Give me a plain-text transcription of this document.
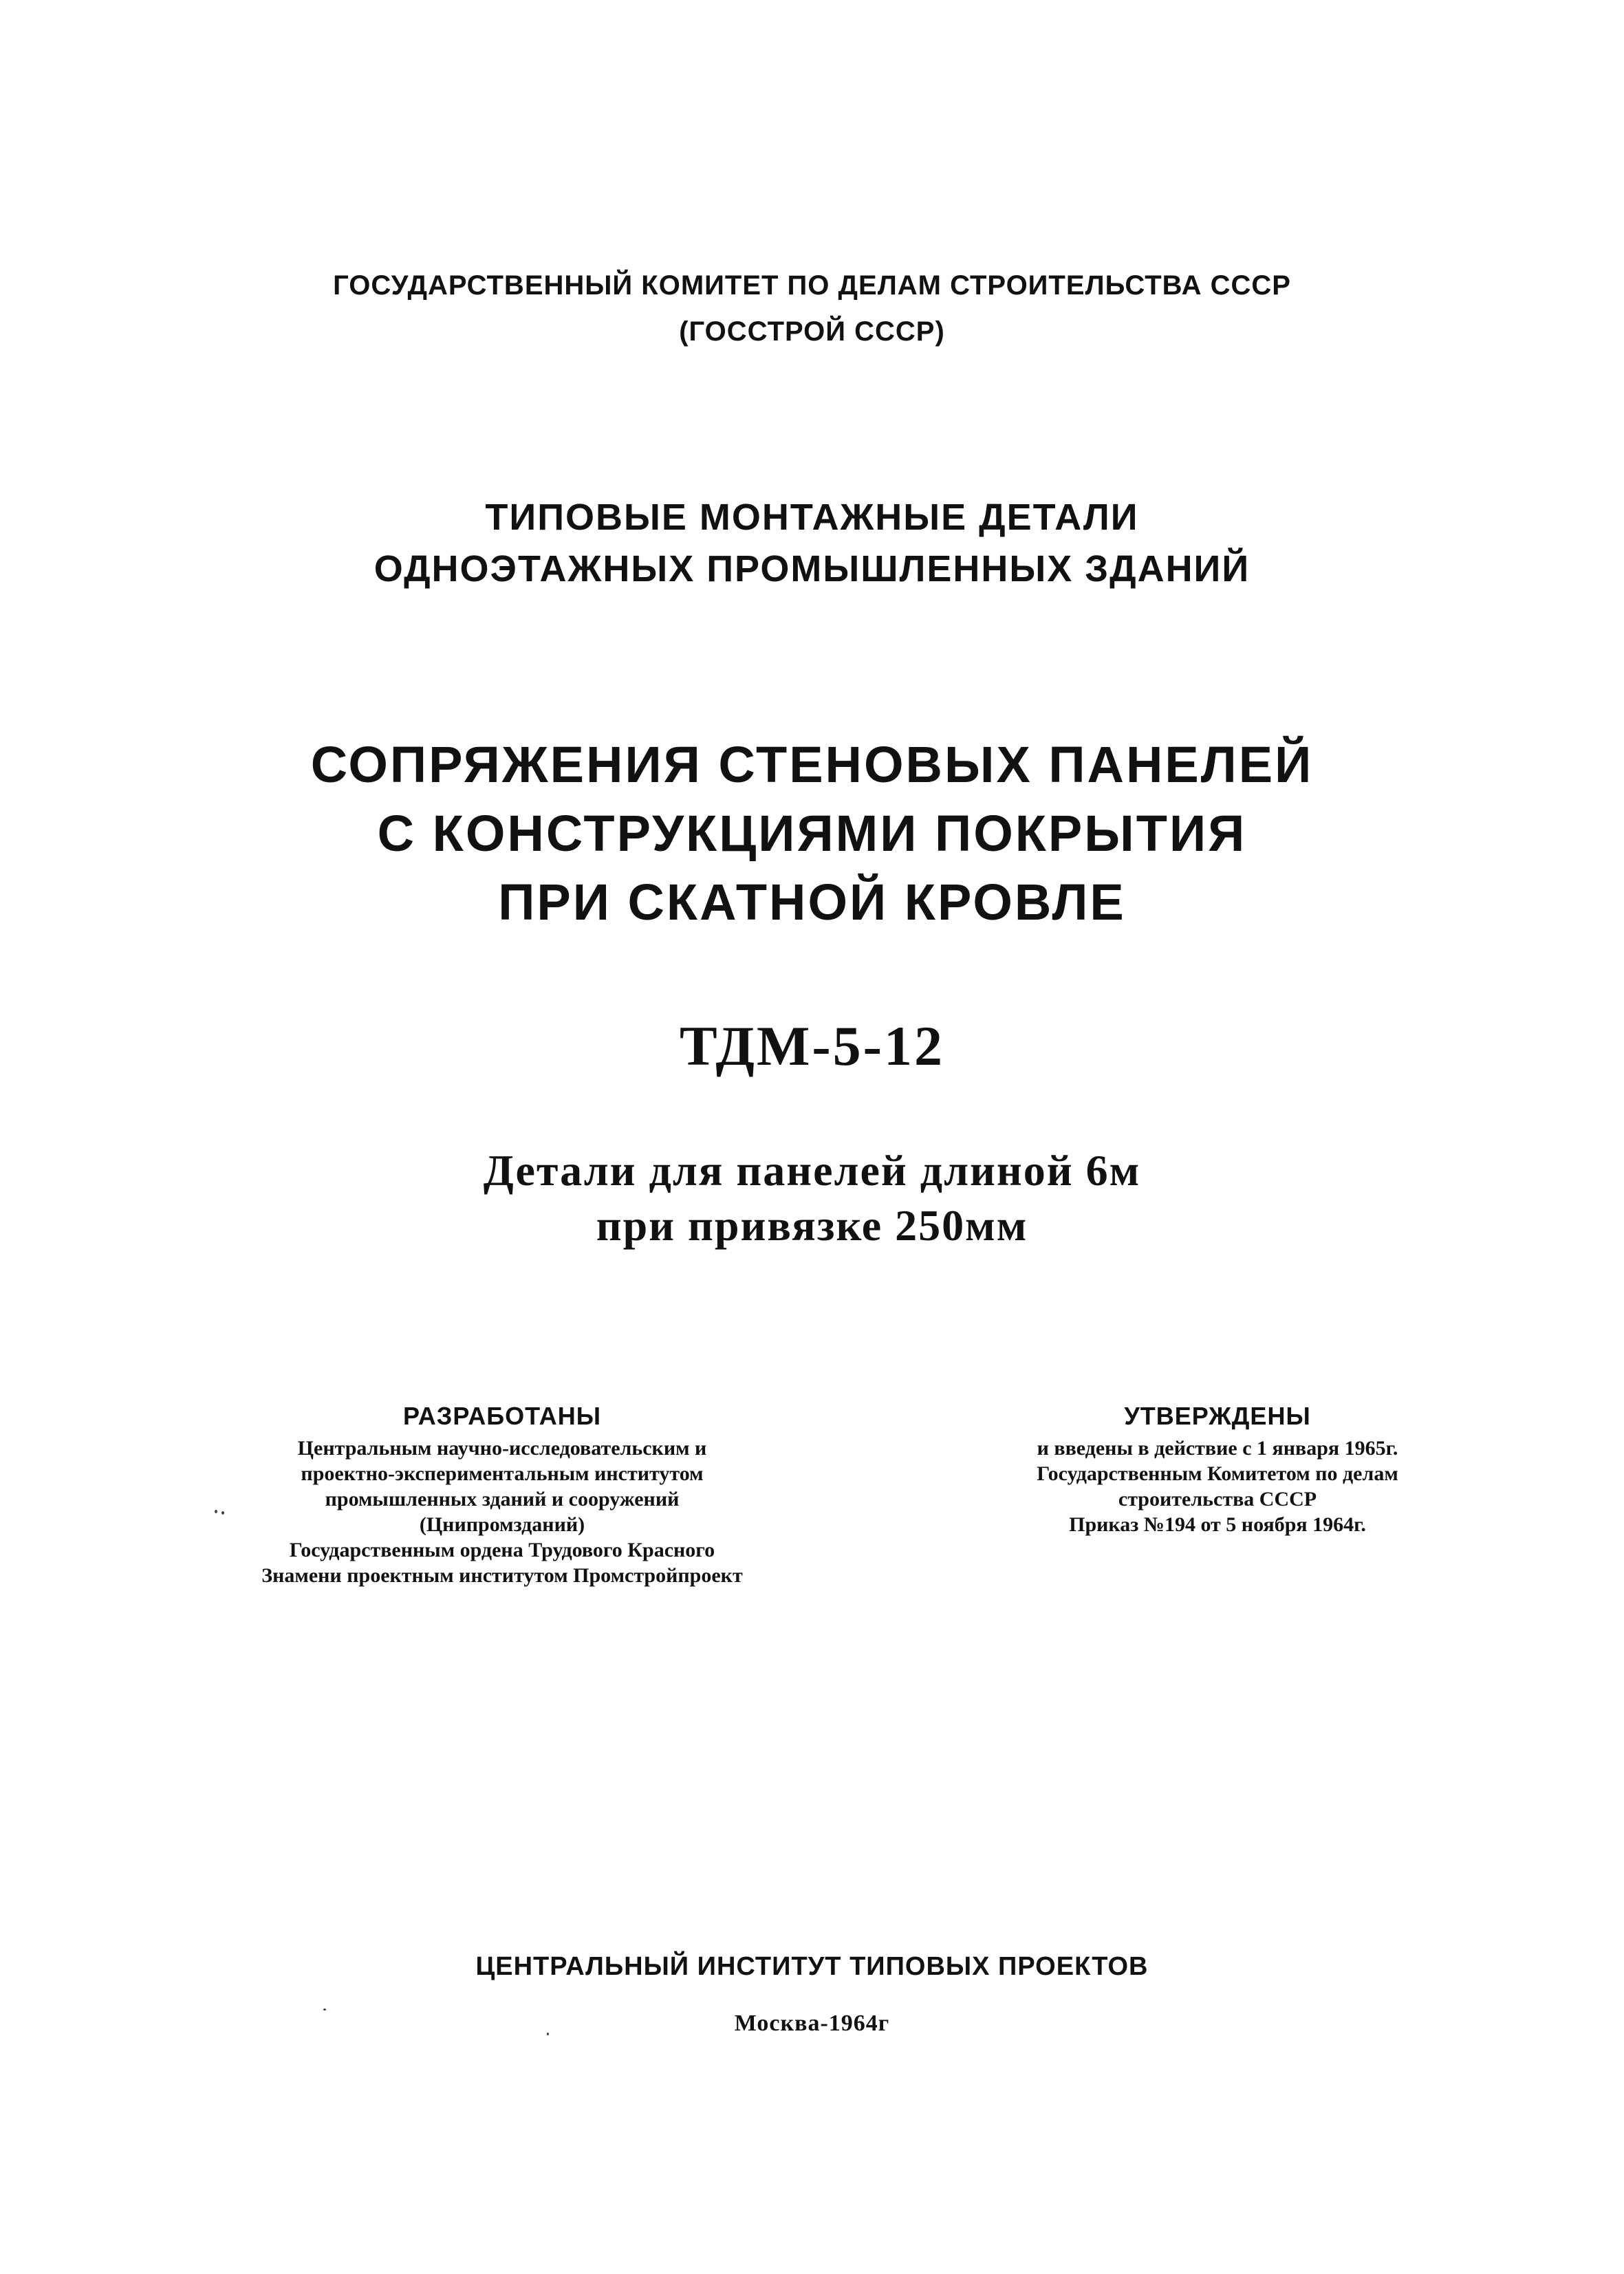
ГОСУДАРСТВЕННЫЙ КОМИТЕТ ПО ДЕЛАМ СТРОИТЕЛЬСТВА СССР
(ГОССТРОЙ СССР)
ТИПОВЫЕ МОНТАЖНЫЕ ДЕТАЛИ
ОДНОЭТАЖНЫХ ПРОМЫШЛЕННЫХ ЗДАНИЙ
СОПРЯЖЕНИЯ СТЕНОВЫХ ПАНЕЛЕЙ
С КОНСТРУКЦИЯМИ ПОКРЫТИЯ
ПРИ СКАТНОЙ КРОВЛЕ
ТДМ-5-12
Детали для панелей длиной 6м
при привязке 250мм
РАЗРАБОТАНЫ
Центральным научно-исследовательским и
проектно-экспериментальным институтом
промышленных зданий и сооружений
(Цнипромзданий)
Государственным ордена Трудового Красного
Знамени проектным институтом Промстройпроект
УТВЕРЖДЕНЫ
и введены в действие с 1 января 1965г.
Государственным Комитетом по делам
строительства СССР
Приказ №194 от 5 ноября 1964г.
ЦЕНТРАЛЬНЫЙ ИНСТИТУТ ТИПОВЫХ ПРОЕКТОВ
Москва-1964г
